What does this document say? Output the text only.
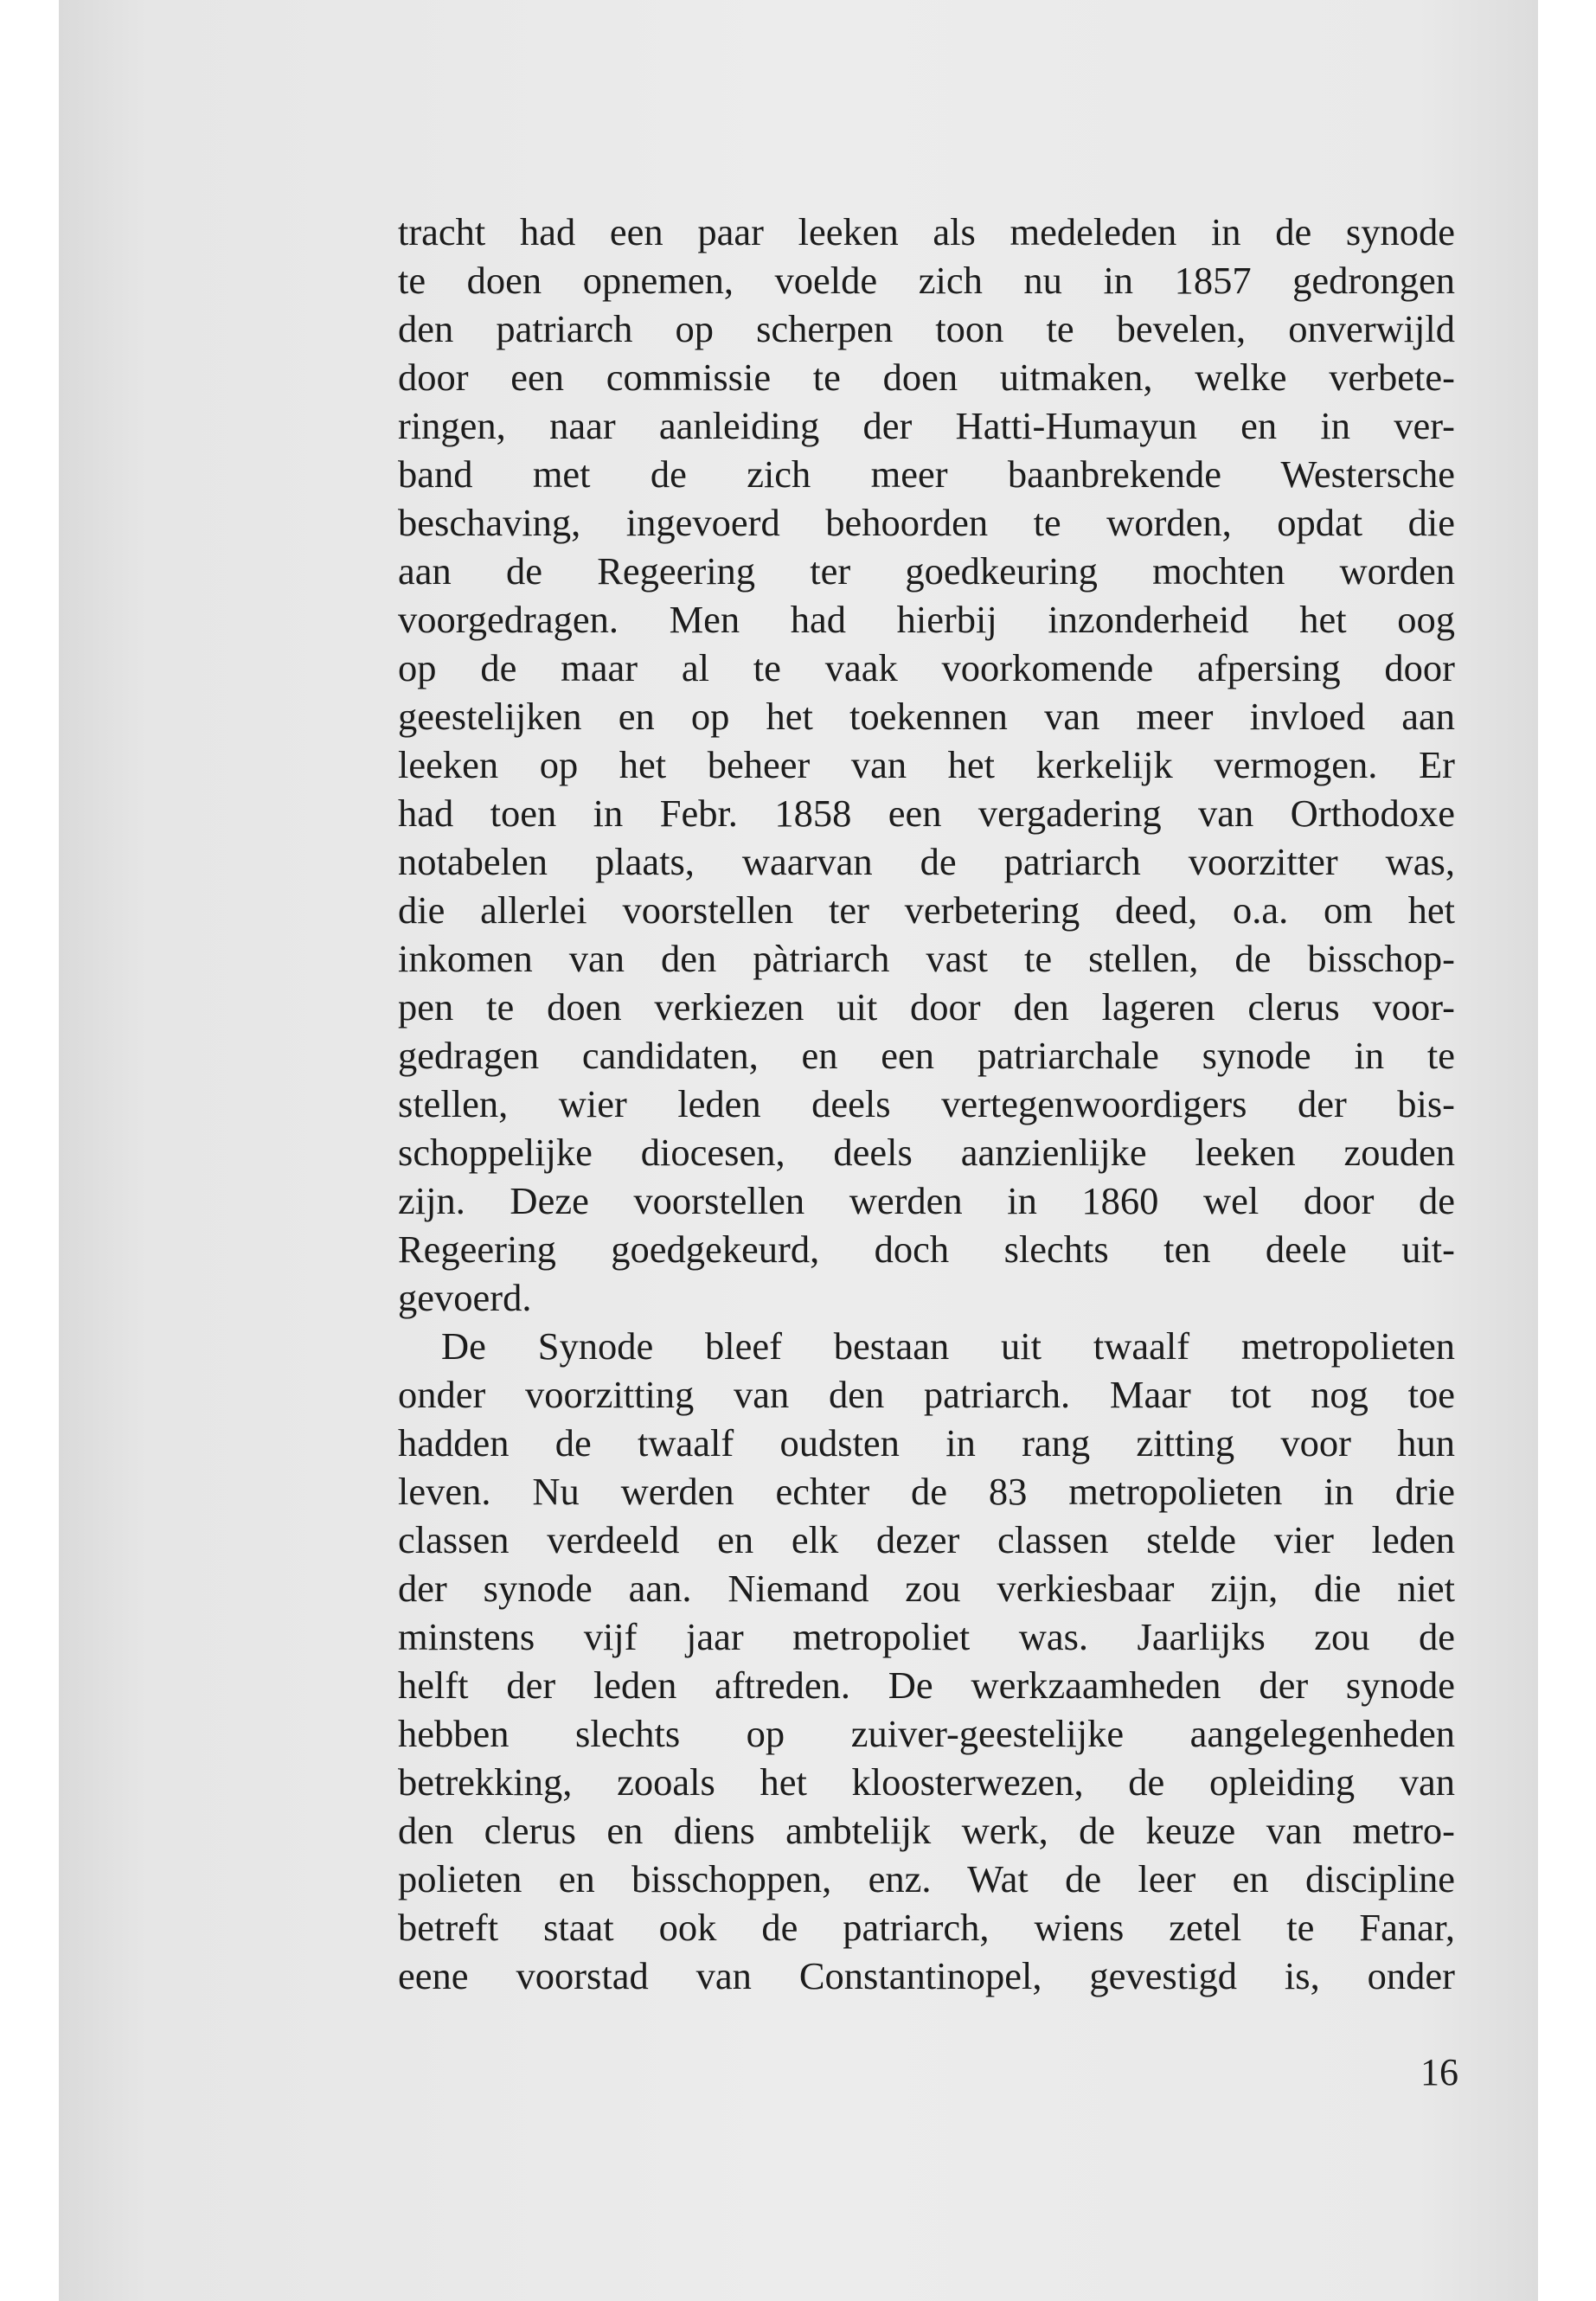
tracht had een paar leeken als medeleden in de synode
te doen opnemen, voelde zich nu in 1857 gedrongen
den patriarch op scherpen toon te bevelen, onverwijld
door een commissie te doen uitmaken, welke verbete-
ringen, naar aanleiding der Hatti-Humayun en in ver-
band met de zich meer baanbrekende Westersche
beschaving, ingevoerd behoorden te worden, opdat die
aan de Regeering ter goedkeuring mochten worden
voorgedragen. Men had hierbij inzonderheid het oog
op de maar al te vaak voorkomende afpersing door
geestelijken en op het toekennen van meer invloed aan
leeken op het beheer van het kerkelijk vermogen. Er
had toen in Febr. 1858 een vergadering van Orthodoxe
notabelen plaats, waarvan de patriarch voorzitter was,
die allerlei voorstellen ter verbetering deed, o.a. om het
inkomen van den pàtriarch vast te stellen, de bisschop-
pen te doen verkiezen uit door den lageren clerus voor-
gedragen candidaten, en een patriarchale synode in te
stellen, wier leden deels vertegenwoordigers der bis-
schoppelijke diocesen, deels aanzienlijke leeken zouden
zijn. Deze voorstellen werden in 1860 wel door de
Regeering goedgekeurd, doch slechts ten deele uit-
gevoerd.
De Synode bleef bestaan uit twaalf metropolieten
onder voorzitting van den patriarch. Maar tot nog toe
hadden de twaalf oudsten in rang zitting voor hun
leven. Nu werden echter de 83 metropolieten in drie
classen verdeeld en elk dezer classen stelde vier leden
der synode aan. Niemand zou verkiesbaar zijn, die niet
minstens vijf jaar metropoliet was. Jaarlijks zou de
helft der leden aftreden. De werkzaamheden der synode
hebben slechts op zuiver-geestelijke aangelegenheden
betrekking, zooals het kloosterwezen, de opleiding van
den clerus en diens ambtelijk werk, de keuze van metro-
polieten en bisschoppen, enz. Wat de leer en discipline
betreft staat ook de patriarch, wiens zetel te Fanar,
eene voorstad van Constantinopel, gevestigd is, onder
16
